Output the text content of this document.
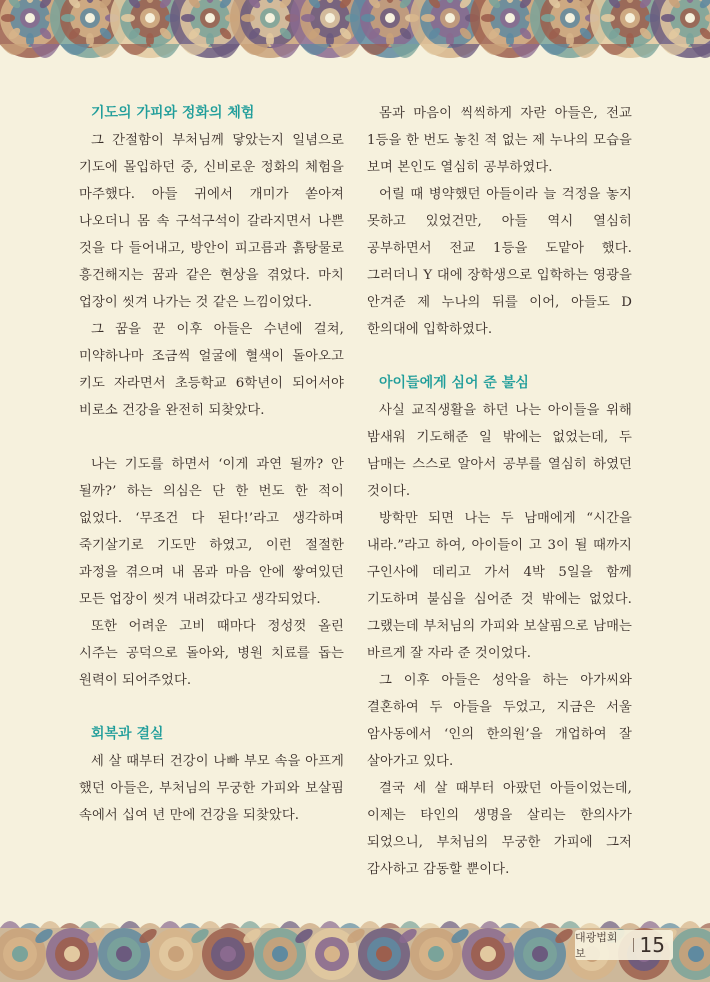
기도의 가피와 정화의 체험

그 간절함이 부처님께 닿았는지 일념으로 기도에 몰입하던 중, 신비로운 정화의 체험을 마주했다. 아들 귀에서 개미가 쏟아져 나오더니 몸 속 구석구석이 갈라지면서 나쁜 것을 다 들어내고, 방안이 피고름과 흙탕물로 흥건해지는 꿈과 같은 현상을 겪었다. 마치 업장이 씻겨 나가는 것 같은 느낌이었다.

그 꿈을 꾼 이후 아들은 수년에 걸쳐, 미약하나마 조금씩 얼굴에 혈색이 돌아오고 키도 자라면서 초등학교 6학년이 되어서야 비로소 건강을 완전히 되찾았다.

나는 기도를 하면서 ‘이게 과연 될까? 안 될까?’ 하는 의심은 단 한 번도 한 적이 없었다. ‘무조건 다 된다!’라고 생각하며 죽기살기로 기도만 하였고, 이런 절절한 과정을 겪으며 내 몸과 마음 안에 쌓여있던 모든 업장이 씻겨 내려갔다고 생각되었다.

또한 어려운 고비 때마다 정성껏 올린 시주는 공덕으로 돌아와, 병원 치료를 돕는 원력이 되어주었다.

회복과 결실

세 살 때부터 건강이 나빠 부모 속을 아프게 했던 아들은, 부처님의 무궁한 가피와 보살핌 속에서 십여 년 만에 건강을 되찾았다.

몸과 마음이 씩씩하게 자란 아들은, 전교 1등을 한 번도 놓친 적 없는 제 누나의 모습을 보며 본인도 열심히 공부하였다.

어릴 때 병약했던 아들이라 늘 걱정을 놓지 못하고 있었건만, 아들 역시 열심히 공부하면서 전교 1등을 도맡아 했다. 그러더니 Y 대에 장학생으로 입학하는 영광을 안겨준 제 누나의 뒤를 이어, 아들도 D 한의대에 입학하였다.

아이들에게 심어 준 불심

사실 교직생활을 하던 나는 아이들을 위해 밤새워 기도해준 일 밖에는 없었는데, 두 남매는 스스로 알아서 공부를 열심히 하였던 것이다.

방학만 되면 나는 두 남매에게 “시간을 내라.”라고 하여, 아이들이 고 3이 될 때까지 구인사에 데리고 가서 4박 5일을 함께 기도하며 불심을 심어준 것 밖에는 없었다. 그랬는데 부처님의 가피와 보살핌으로 남매는 바르게 잘 자라 준 것이었다.

그 이후 아들은 성악을 하는 아가씨와 결혼하여 두 아들을 두었고, 지금은 서울 암사동에서 ‘인의 한의원’을 개업하여 잘 살아가고 있다.

결국 세 살 때부터 아팠던 아들이었는데, 이제는 타인의 생명을 살리는 한의사가 되었으니, 부처님의 무궁한 가피에 그저 감사하고 감동할 뿐이다.

대광법회보	15
